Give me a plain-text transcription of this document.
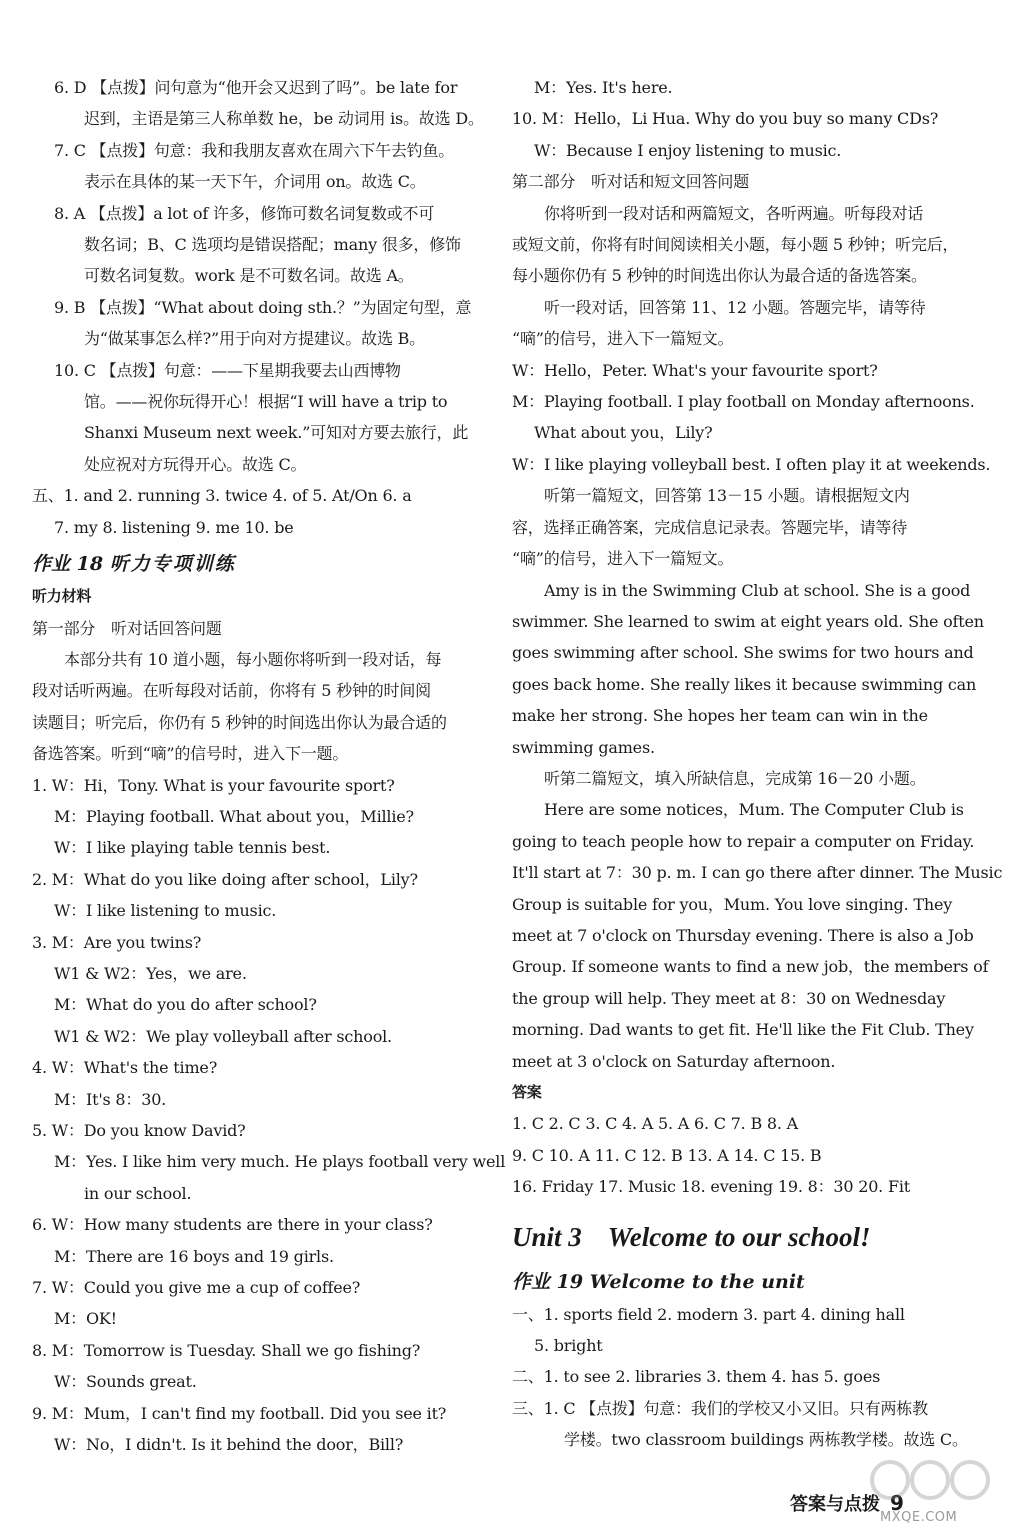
6. D 【点拨】问句意为“他开会又迟到了吗”。be late for
迟到，主语是第三人称单数 he，be 动词用 is。故选 D。
7. C 【点拨】句意：我和我朋友喜欢在周六下午去钓鱼。
表示在具体的某一天下午，介词用 on。故选 C。
8. A 【点拨】a lot of 许多，修饰可数名词复数或不可
数名词；B、C 选项均是错误搭配；many 很多，修饰
可数名词复数。work 是不可数名词。故选 A。
9. B 【点拨】“What about doing sth.？”为固定句型，意
为“做某事怎么样?”用于向对方提建议。故选 B。
10. C 【点拨】句意：——下星期我要去山西博物
馆。——祝你玩得开心！根据“I will have a trip to
Shanxi Museum next week.”可知对方要去旅行，此
处应祝对方玩得开心。故选 C。
五、1. and 2. running 3. twice 4. of 5. At/On 6. a
7. my 8. listening 9. me 10. be
作业 18 听力专项训练
听力材料
第一部分　听对话回答问题
本部分共有 10 道小题，每小题你将听到一段对话，每
段对话听两遍。在听每段对话前，你将有 5 秒钟的时间阅
读题目；听完后，你仍有 5 秒钟的时间选出你认为最合适的
备选答案。听到“嘀”的信号时，进入下一题。
1. W：Hi，Tony. What is your favourite sport?
M：Playing football. What about you，Millie?
W：I like playing table tennis best.
2. M：What do you like doing after school，Lily?
W：I like listening to music.
3. M：Are you twins?
W1 & W2：Yes，we are.
M：What do you do after school?
W1 & W2：We play volleyball after school.
4. W：What's the time?
M：It's 8：30.
5. W：Do you know David?
M：Yes. I like him very much. He plays football very well
in our school.
6. W：How many students are there in your class?
M：There are 16 boys and 19 girls.
7. W：Could you give me a cup of coffee?
M：OK!
8. M：Tomorrow is Tuesday. Shall we go fishing?
W：Sounds great.
9. M：Mum，I can't find my football. Did you see it?
W：No，I didn't. Is it behind the door，Bill?
M：Yes. It's here.
10. M：Hello，Li Hua. Why do you buy so many CDs?
W：Because I enjoy listening to music.
第二部分　听对话和短文回答问题
你将听到一段对话和两篇短文，各听两遍。听每段对话
或短文前，你将有时间阅读相关小题，每小题 5 秒钟；听完后，
每小题你仍有 5 秒钟的时间选出你认为最合适的备选答案。
听一段对话，回答第 11、12 小题。答题完毕，请等待
“嘀”的信号，进入下一篇短文。
W：Hello，Peter. What's your favourite sport?
M：Playing football. I play football on Monday afternoons.
What about you，Lily?
W：I like playing volleyball best. I often play it at weekends.
听第一篇短文，回答第 13－15 小题。请根据短文内
容，选择正确答案，完成信息记录表。答题完毕，请等待
“嘀”的信号，进入下一篇短文。
Amy is in the Swimming Club at school. She is a good
swimmer. She learned to swim at eight years old. She often
goes swimming after school. She swims for two hours and
goes back home. She really likes it because swimming can
make her strong. She hopes her team can win in the
swimming games.
听第二篇短文，填入所缺信息，完成第 16－20 小题。
Here are some notices，Mum. The Computer Club is
going to teach people how to repair a computer on Friday.
It'll start at 7：30 p. m. I can go there after dinner. The Music
Group is suitable for you，Mum. You love singing. They
meet at 7 o'clock on Thursday evening. There is also a Job
Group. If someone wants to find a new job，the members of
the group will help. They meet at 8：30 on Wednesday
morning. Dad wants to get fit. He'll like the Fit Club. They
meet at 3 o'clock on Saturday afternoon.
答案
1. C 2. C 3. C 4. A 5. A 6. C 7. B 8. A
9. C 10. A 11. C 12. B 13. A 14. C 15. B
16. Friday 17. Music 18. evening 19. 8：30 20. Fit
Unit 3 Welcome to our school!
作业 19 Welcome to the unit
一、1. sports field 2. modern 3. part 4. dining hall
5. bright
二、1. to see 2. libraries 3. them 4. has 5. goes
三、1. C 【点拨】句意：我们的学校又小又旧。只有两栋教
学楼。two classroom buildings 两栋教学楼。故选 C。
答案与点拨 9
MXQE.COM
